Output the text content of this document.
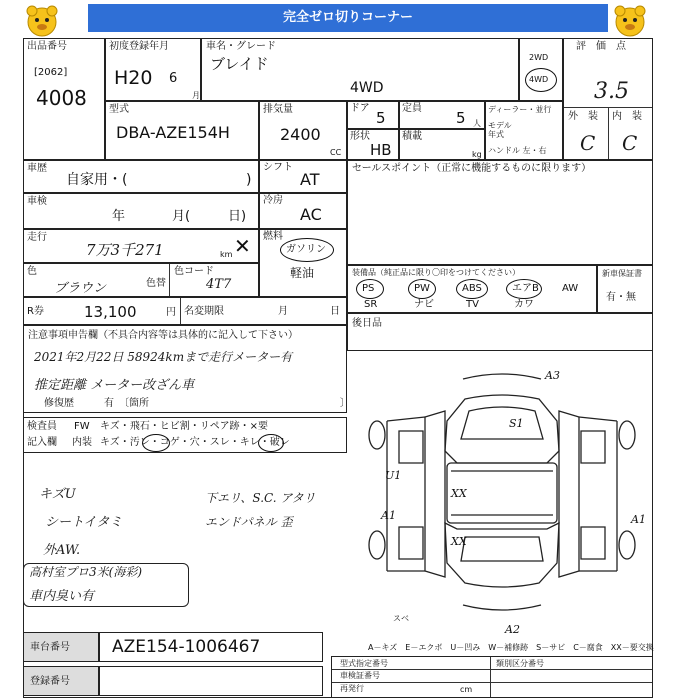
完全ゼロ切りコーナー
出品番号
[2062]
4008
初度登録年月
H20 6
月
車名・グレード
ブレイド
4WD
2WD
4WD
評　価　点
3.5
外　装 内　装
C C
型式
DBA-AZE154H
排気量
2400
CC
ドア
5
定員
5 人
形状
HB
積載
kg
ディーラー・並行
モデル
年式
ハンドル 左・右
車歴
自家用・(	)
車検
年	月(	日)
走行
7万3千271	km ✕
色
ブラウン	色替
色コード
4T7
R券	13,100	円 名変期限	月	日
シフト
AT
冷房
AC
燃料
ガソリン
軽油
セールスポイント（正常に機能するものに限ります）
装備品（純正品に限り〇印をつけてください）
PS	PW	ABS	エアB AW
SR	ナビ	TV	カワ
新車保証書
有・無
後日品
注意事項申告欄（不具合内容等は具体的に記入して下さい）
2021年2月22日 58924kmまで走行メーター有
推定距離 メーター改ざん車
修復歴	有　〔箇所	〕
検査員
記入欄
FW キズ・飛石・ヒビ割・リペア跡・×要
内装 キズ・汚レ・コゲ・穴・スレ・キレ・破レ
キズU
シートイタミ
外AW.
高村室プロ3米(海彩)
車内臭い有
下エリ、S.C. アタリ
エンドパネル 歪
A3
S1
U1
A1
XX
XX
A1
A2
スベ
A－キズ　E－エクボ　U－凹み　W－補修跡　S－サビ　C－腐食　XX－要交換
車台番号 AZE154-1006467
登録番号
型式指定番号	類別区分番号
車検証番号
再発行	cm
